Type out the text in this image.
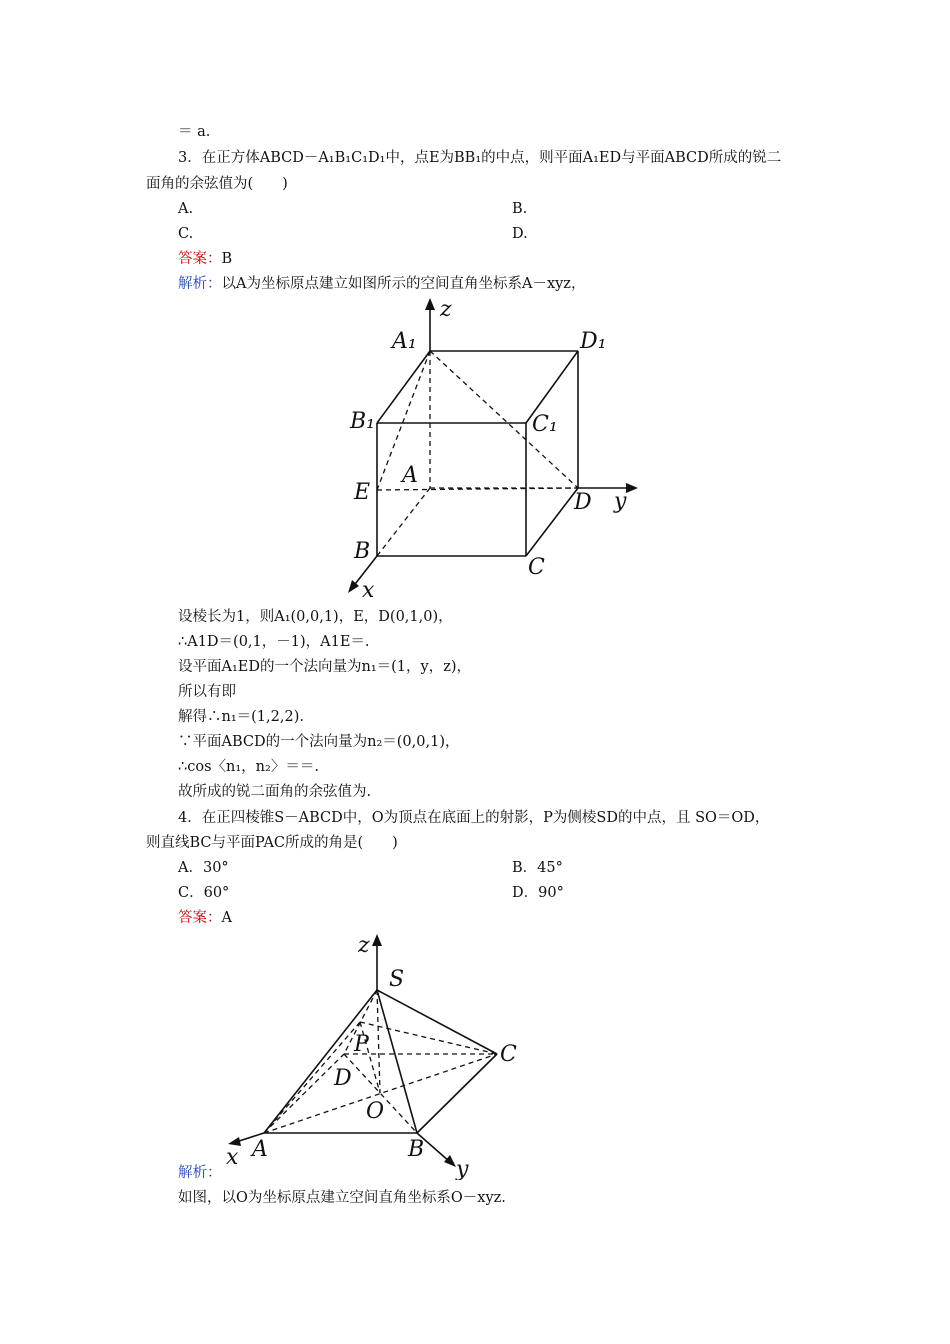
＝ a.
3．在正方体ABCD－A₁B₁C₁D₁中，点E为BB₁的中点，则平面A₁ED与平面ABCD所成的锐二
面角的余弦值为(　　)
A.	B.
C.	D.
答案：B
解析：以A为坐标原点建立如图所示的空间直角坐标系A－xyz，
A₁	D₁
B₁	C₁
A
E	D
B
C
z
y
x
设棱长为1，则A₁(0,0,1)，E，D(0,1,0)，
∴A1D＝(0,1，－1)，A1E＝.
设平面A₁ED的一个法向量为n₁＝(1，y，z)，
所以有即
解得∴n₁＝(1,2,2).
∵平面ABCD的一个法向量为n₂＝(0,0,1)，
∴cos〈n₁，n₂〉＝＝.
故所成的锐二面角的余弦值为.
4．在正四棱锥S－ABCD中，O为顶点在底面上的射影，P为侧棱SD的中点，且 SO＝OD，
则直线BC与平面PAC所成的角是(　　)
A．30°	B．45°
C．60°	D．90°
答案：A
S
z
P	C
D
O
A	B
x	y
解析：
如图，以O为坐标原点建立空间直角坐标系O－xyz.
